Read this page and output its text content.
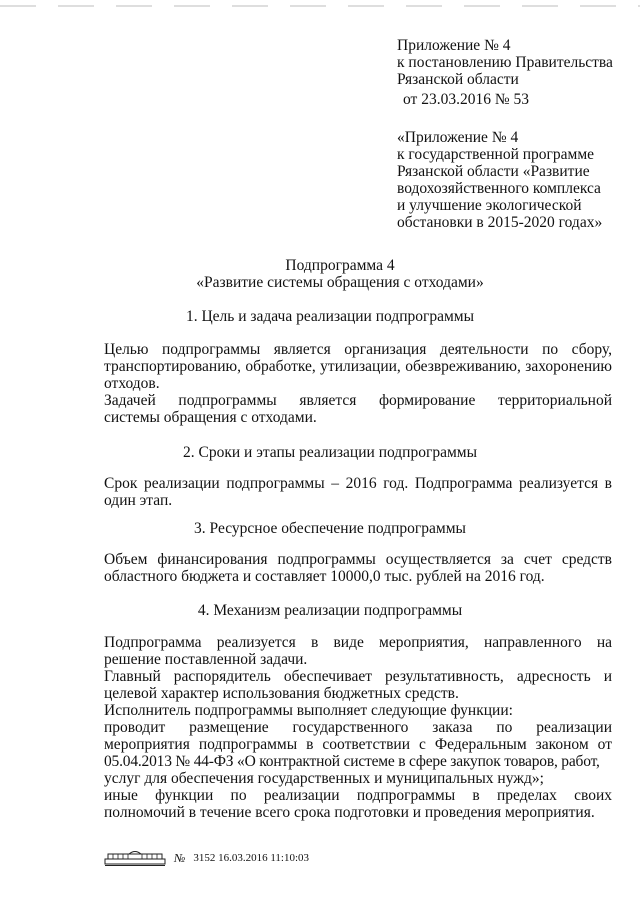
Приложение № 4
к постановлению Правительства
Рязанской области
от 23.03.2016 № 53
«Приложение № 4
к государственной программе
Рязанской области «Развитие
водохозяйственного комплекса
и улучшение экологической
обстановки в 2015-2020 годах»
Подпрограмма 4
«Развитие системы обращения с отходами»
1. Цель и задача реализации подпрограммы
Целью подпрограммы является организация деятельности по сбору,
транспортированию, обработке, утилизации, обезвреживанию, захоронению
отходов.
Задачей подпрограммы является формирование территориальной
системы обращения с отходами.
2. Сроки и этапы реализации подпрограммы
Срок реализации подпрограммы – 2016 год. Подпрограмма реализуется в
один этап.
3. Ресурсное обеспечение подпрограммы
Объем финансирования подпрограммы осуществляется за счет средств
областного бюджета и составляет 10000,0 тыс. рублей на 2016 год.
4. Механизм реализации подпрограммы
Подпрограмма реализуется в виде мероприятия, направленного на
решение поставленной задачи.
Главный распорядитель обеспечивает результативность, адресность и
целевой характер использования бюджетных средств.
Исполнитель подпрограммы выполняет следующие функции:
проводит размещение государственного заказа по реализации
мероприятия подпрограммы в соответствии с Федеральным законом от
05.04.2013 № 44-ФЗ «О контрактной системе в сфере закупок товаров, работ,
услуг для обеспечения государственных и муниципальных нужд»;
иные функции по реализации подпрограммы в пределах своих
полномочий в течение всего срока подготовки и проведения мероприятия.
№ 3152 16.03.2016 11:10:03
